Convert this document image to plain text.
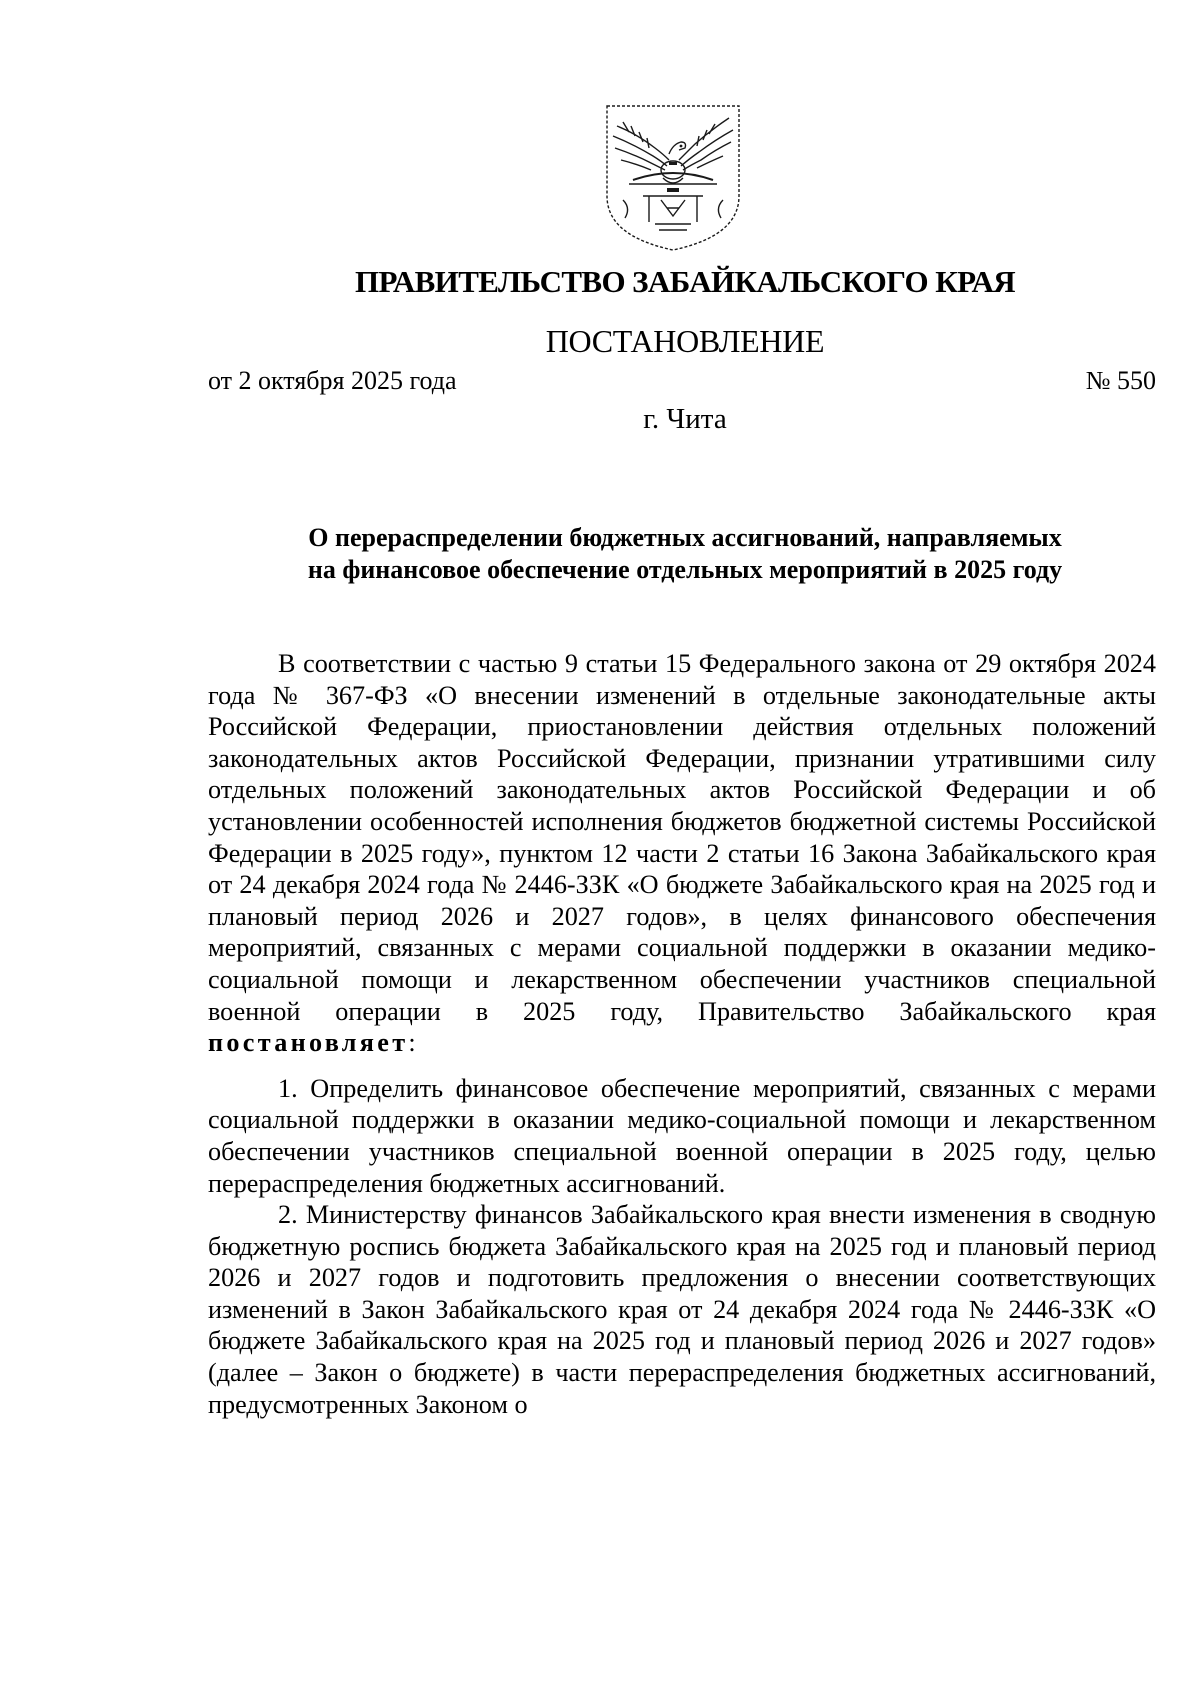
ПРАВИТЕЛЬСТВО ЗАБАЙКАЛЬСКОГО КРАЯ
ПОСТАНОВЛЕНИЕ
от 2 октября 2025 года	№ 550
г. Чита
О перераспределении бюджетных ассигнований, направляемых
на финансовое обеспечение отдельных мероприятий в 2025 году

В соответствии с частью 9 статьи 15 Федерального закона от 29 октября 2024 года № 367-ФЗ «О внесении изменений в отдельные законодательные акты Российской Федерации, приостановлении действия отдельных положений законодательных актов Российской Федерации, признании утратившими силу отдельных положений законодательных актов Российской Федерации и об установлении особенностей исполнения бюджетов бюджетной системы Российской Федерации в 2025 году», пунктом 12 части 2 статьи 16 Закона Забайкальского края от 24 декабря 2024 года № 2446-ЗЗК «О бюджете Забайкальского края на 2025 год и плановый период 2026 и 2027 годов», в целях финансового обеспечения мероприятий, связанных с мерами социальной поддержки в оказании медико-социальной помощи и лекарственном обеспечении участников специальной военной операции в 2025 году, Правительство Забайкальского края постановляет:

1. Определить финансовое обеспечение мероприятий, связанных с мерами социальной поддержки в оказании медико-социальной помощи и лекарственном обеспечении участников специальной военной операции в 2025 году, целью перераспределения бюджетных ассигнований.

2. Министерству финансов Забайкальского края внести изменения в сводную бюджетную роспись бюджета Забайкальского края на 2025 год и плановый период 2026 и 2027 годов и подготовить предложения о внесении соответствующих изменений в Закон Забайкальского края от 24 декабря 2024 года № 2446-ЗЗК «О бюджете Забайкальского края на 2025 год и плановый период 2026 и 2027 годов» (далее – Закон о бюджете) в части перераспределения бюджетных ассигнований, предусмотренных Законом о
